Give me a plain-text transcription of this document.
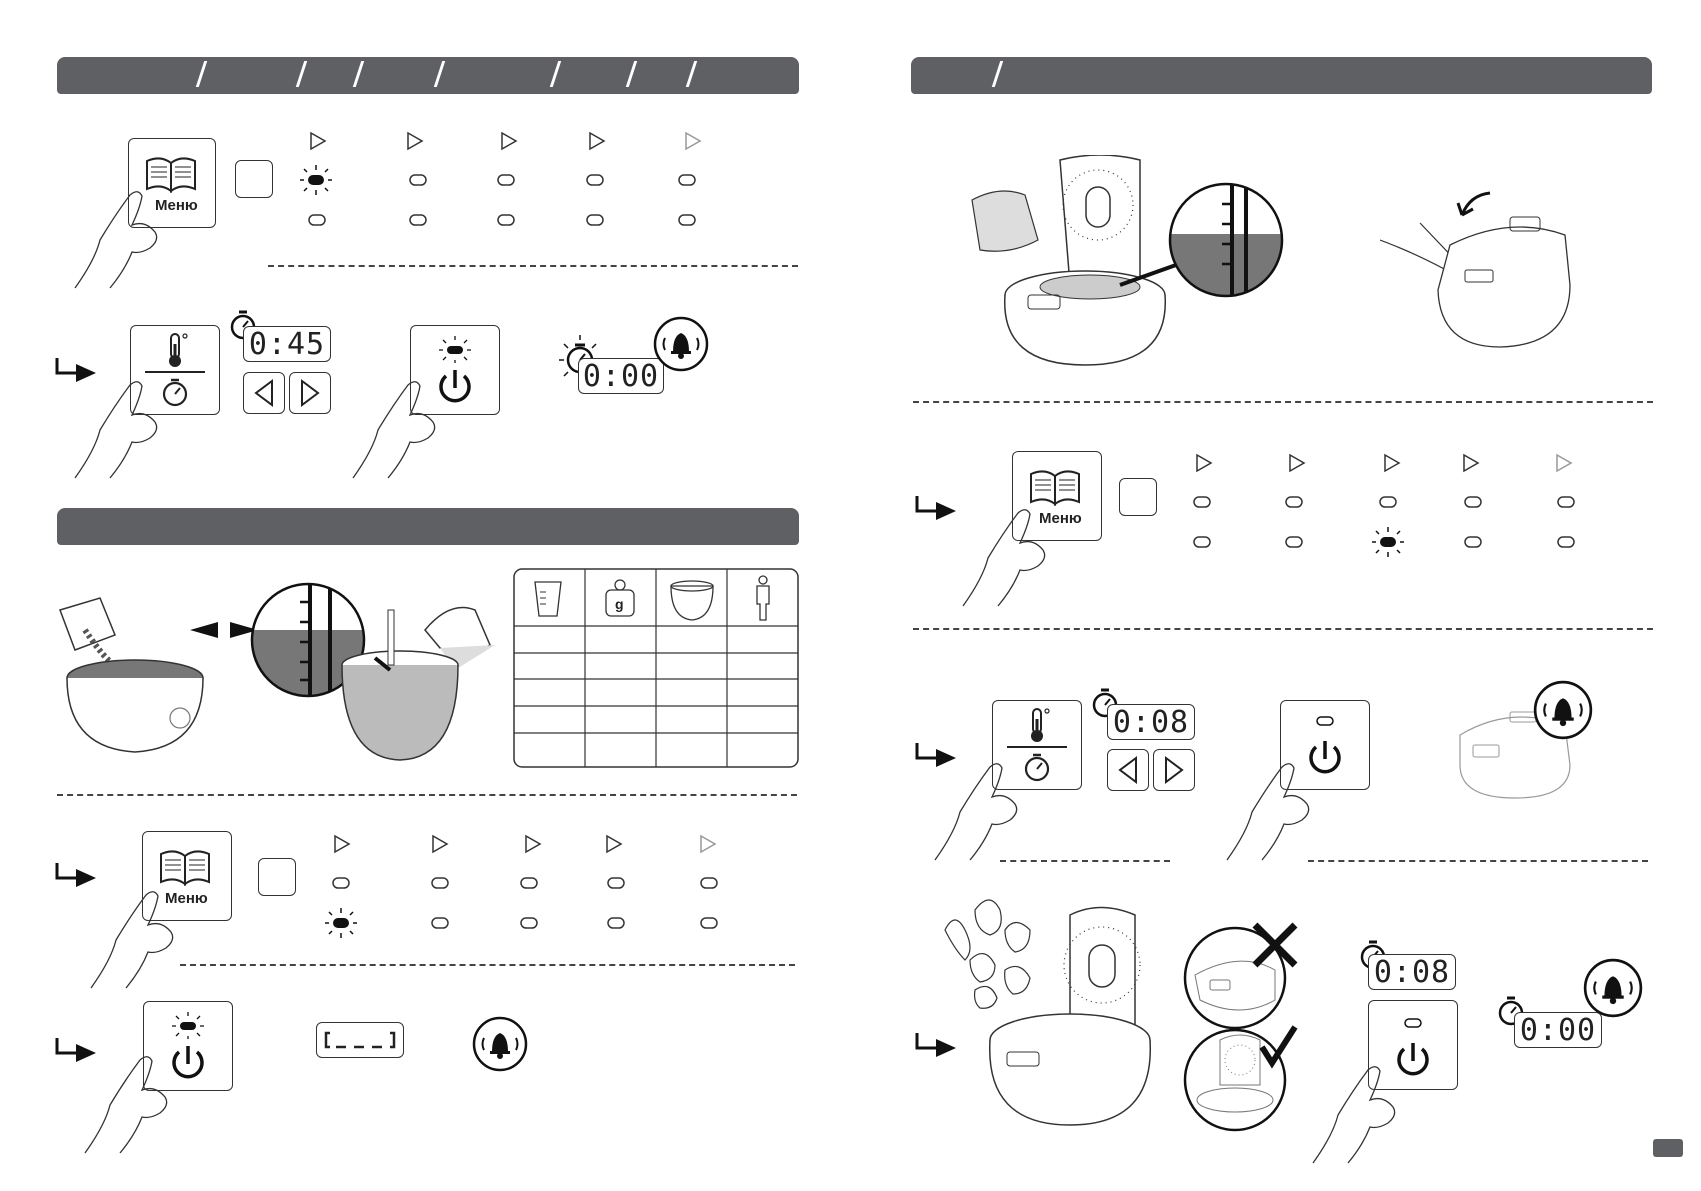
Меню
0:45
0:00
g
Меню
Меню
0:08
0:08
0:00
